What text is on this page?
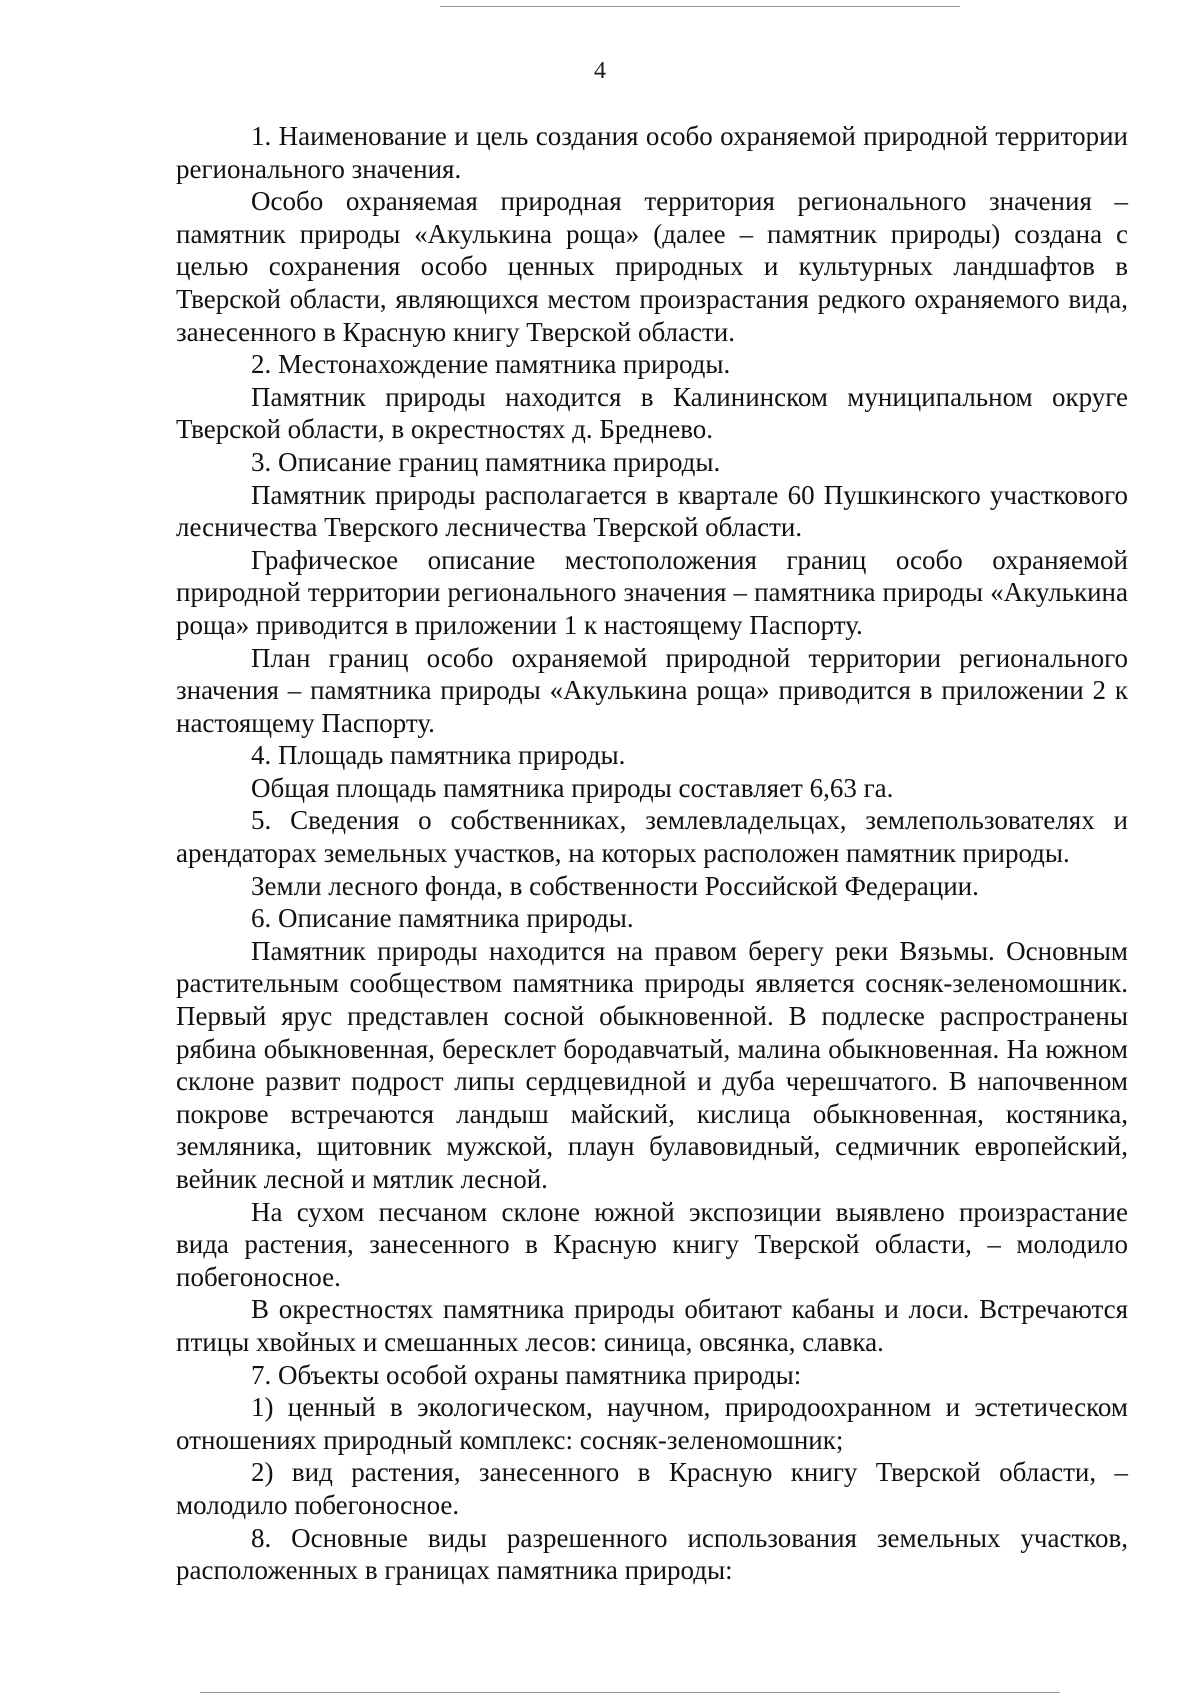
4

1. Наименование и цель создания особо охраняемой природной территории регионального значения.

Особо охраняемая природная территория регионального значения – памятник природы «Акулькина роща» (далее – памятник природы) создана с целью сохранения особо ценных природных и культурных ландшафтов в Тверской области, являющихся местом произрастания редкого охраняемого вида, занесенного в Красную книгу Тверской области.

2. Местонахождение памятника природы.

Памятник природы находится в Калининском муниципальном округе Тверской области, в окрестностях д. Бреднево.

3. Описание границ памятника природы.

Памятник природы располагается в квартале 60 Пушкинского участкового лесничества Тверского лесничества Тверской области.

Графическое описание местоположения границ особо охраняемой природной территории регионального значения – памятника природы «Акулькина роща» приводится в приложении 1 к настоящему Паспорту.

План границ особо охраняемой природной территории регионального значения – памятника природы «Акулькина роща» приводится в приложении 2 к настоящему Паспорту.

4. Площадь памятника природы.

Общая площадь памятника природы составляет 6,63 га.

5. Сведения о собственниках, землевладельцах, землепользователях и арендаторах земельных участков, на которых расположен памятник природы.

Земли лесного фонда, в собственности Российской Федерации.

6. Описание памятника природы.

Памятник природы находится на правом берегу реки Вязьмы. Основным растительным сообществом памятника природы является сосняк-зеленомошник. Первый ярус представлен сосной обыкновенной. В подлеске распространены рябина обыкновенная, бересклет бородавчатый, малина обыкновенная. На южном склоне развит подрост липы сердцевидной и дуба черешчатого. В напочвенном покрове встречаются ландыш майский, кислица обыкновенная, костяника, земляника, щитовник мужской, плаун булавовидный, седмичник европейский, вейник лесной и мятлик лесной.

На сухом песчаном склоне южной экспозиции выявлено произрастание вида растения, занесенного в Красную книгу Тверской области, – молодило побегоносное.

В окрестностях памятника природы обитают кабаны и лоси. Встречаются птицы хвойных и смешанных лесов: синица, овсянка, славка.

7. Объекты особой охраны памятника природы:

1) ценный в экологическом, научном, природоохранном и эстетическом отношениях природный комплекс: сосняк-зеленомошник;

2) вид растения, занесенного в Красную книгу Тверской области, – молодило побегоносное.

8. Основные виды разрешенного использования земельных участков, расположенных в границах памятника природы:
